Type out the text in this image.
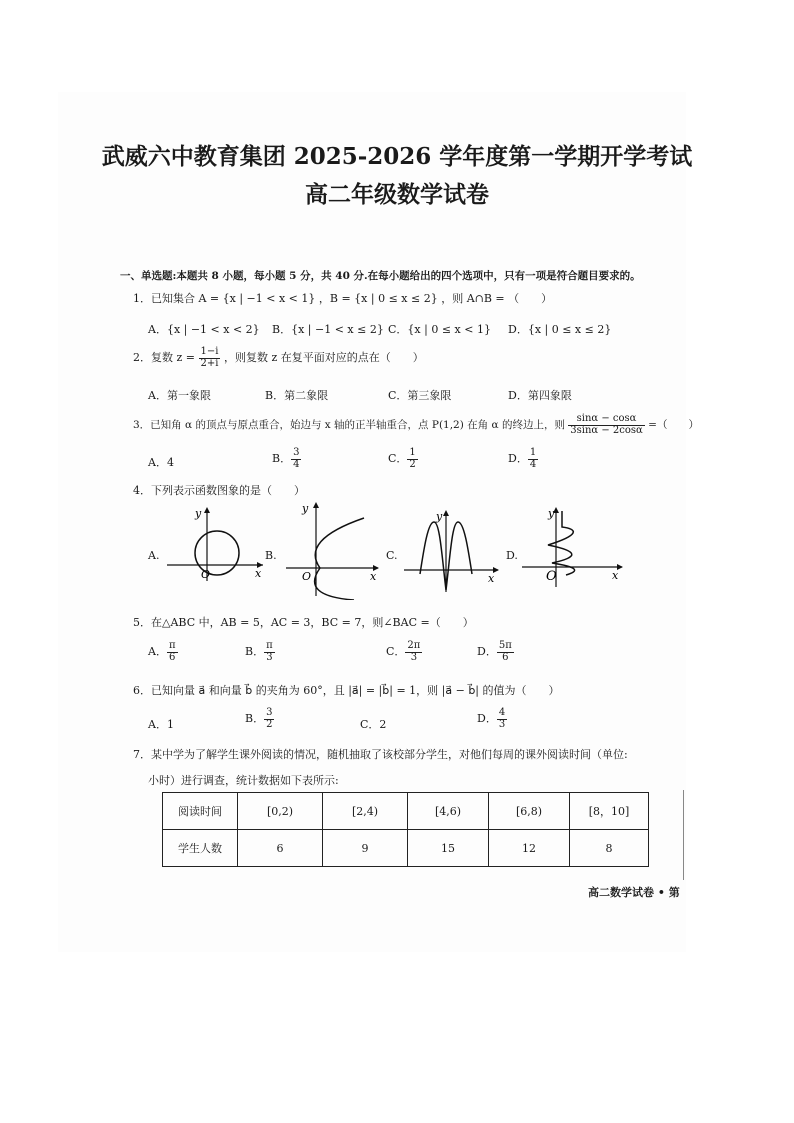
武威六中教育集团 2025-2026 学年度第一学期开学考试
高二年级数学试卷
一、单选题:本题共 8 小题，每小题 5 分，共 40 分.在每小题给出的四个选项中，只有一项是符合题目要求的。
1．已知集合 A = {x | −1 < x < 1} ，B = {x | 0 ≤ x ≤ 2} ，则 A∩B = （　　）
A．{x | −1 < x < 2} B．{x | −1 < x ≤ 2} C．{x | 0 ≤ x < 1} D．{x | 0 ≤ x ≤ 2}
2．复数 $z = \frac{1-i}{2+i}$ ，则复数 z 在复平面对应的点在（　　）
A．第一象限	B．第二象限	C．第三象限	D．第四象限
3．已知角 α 的顶点与原点重合，始边与 x 轴的正半轴重合，点 P(1,2) 在角 α 的终边上，则 $\frac{\sin\alpha - \cos\alpha}{3\sin\alpha - 2\cos\alpha}$ =（　　）
A．4	B． $\frac{3}{4}$	C． $\frac{1}{2}$	D． $\frac{1}{4}$
4．下列表示函数图象的是（　　）
A.	B.	C.	D.
y
x
O
y
x
O
y
x
y
x
O
5．在△ABC 中，AB = 5，AC = 3，BC = 7，则∠BAC =（　　）
A． $\frac{\pi}{6}$	B． $\frac{\pi}{3}$	C． $\frac{2\pi}{3}$	D． $\frac{5\pi}{6}$
6．已知向量 a⃗ 和向量 b⃗ 的夹角为 60°，且 |a⃗| = |b⃗| = 1，则 |a⃗ − b⃗| 的值为（　　）
A．1	B． $\frac{3}{2}$	C．2	D． $\frac{4}{3}$
7．某中学为了解学生课外阅读的情况，随机抽取了该校部分学生，对他们每周的课外阅读时间（单位:
小时）进行调查，统计数据如下表所示:
阅读时间	[0,2)	[2,4)	[4,6)	[6,8)	[8，10]
学生人数	6	9	15	12	8
高二数学试卷 • 第
